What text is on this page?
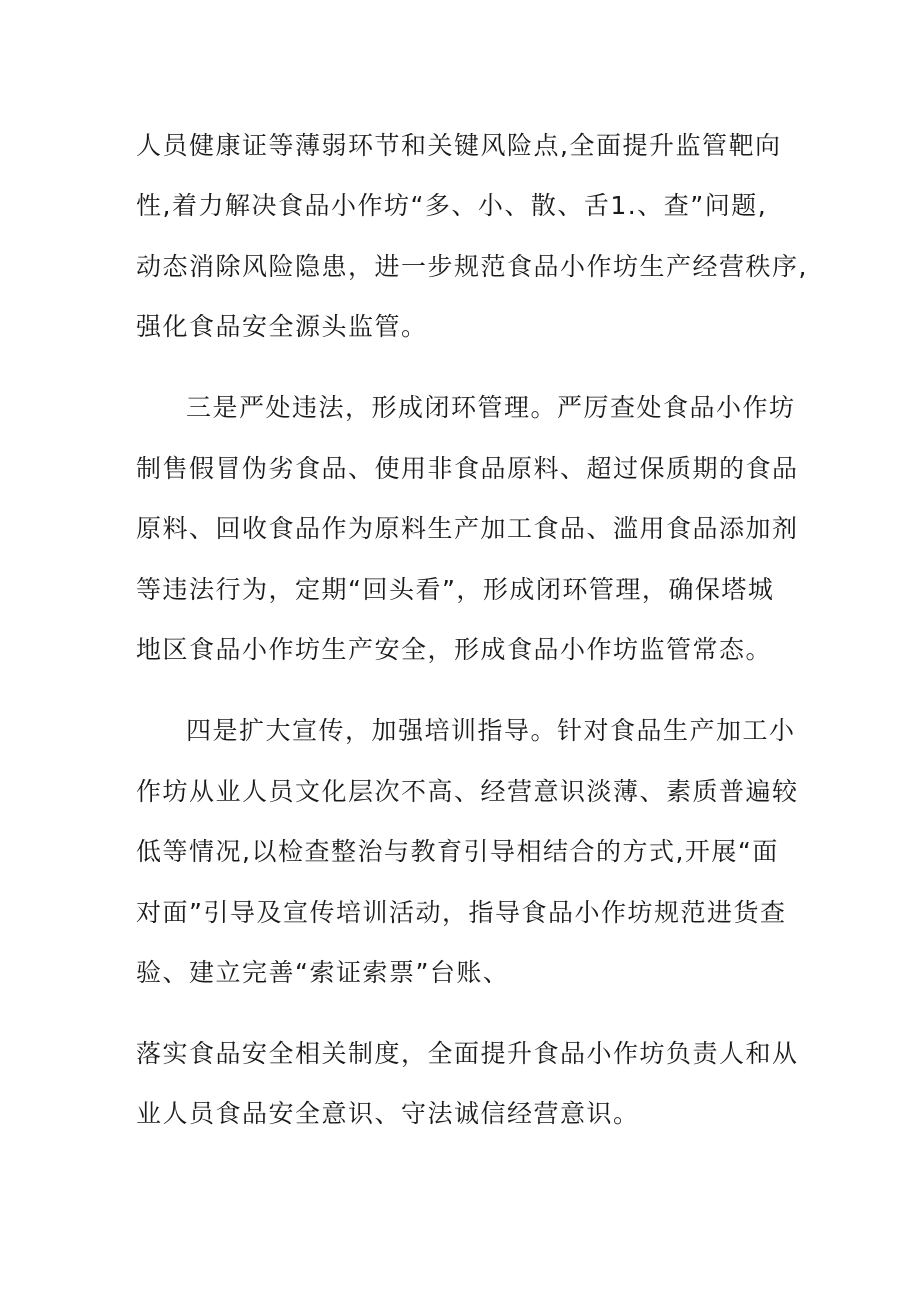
人员健康证等薄弱环节和关键风险点,全面提升监管靶向

性,着力解决食品小作坊“多、小、散、舌1.、查”问题,

动态消除风险隐患，进一步规范食品小作坊生产经营秩序,

强化食品安全源头监管。

三是严处违法，形成闭环管理。严厉查处食品小作坊

制售假冒伪劣食品、使用非食品原料、超过保质期的食品

原料、回收食品作为原料生产加工食品、滥用食品添加剂

等违法行为，定期“回头看”，形成闭环管理，确保塔城

地区食品小作坊生产安全，形成食品小作坊监管常态。

四是扩大宣传，加强培训指导。针对食品生产加工小

作坊从业人员文化层次不高、经营意识淡薄、素质普遍较

低等情况,以检查整治与教育引导相结合的方式,开展“面

对面”引导及宣传培训活动，指导食品小作坊规范进货查

验、建立完善“索证索票”台账、

落实食品安全相关制度，全面提升食品小作坊负责人和从

业人员食品安全意识、守法诚信经营意识。
